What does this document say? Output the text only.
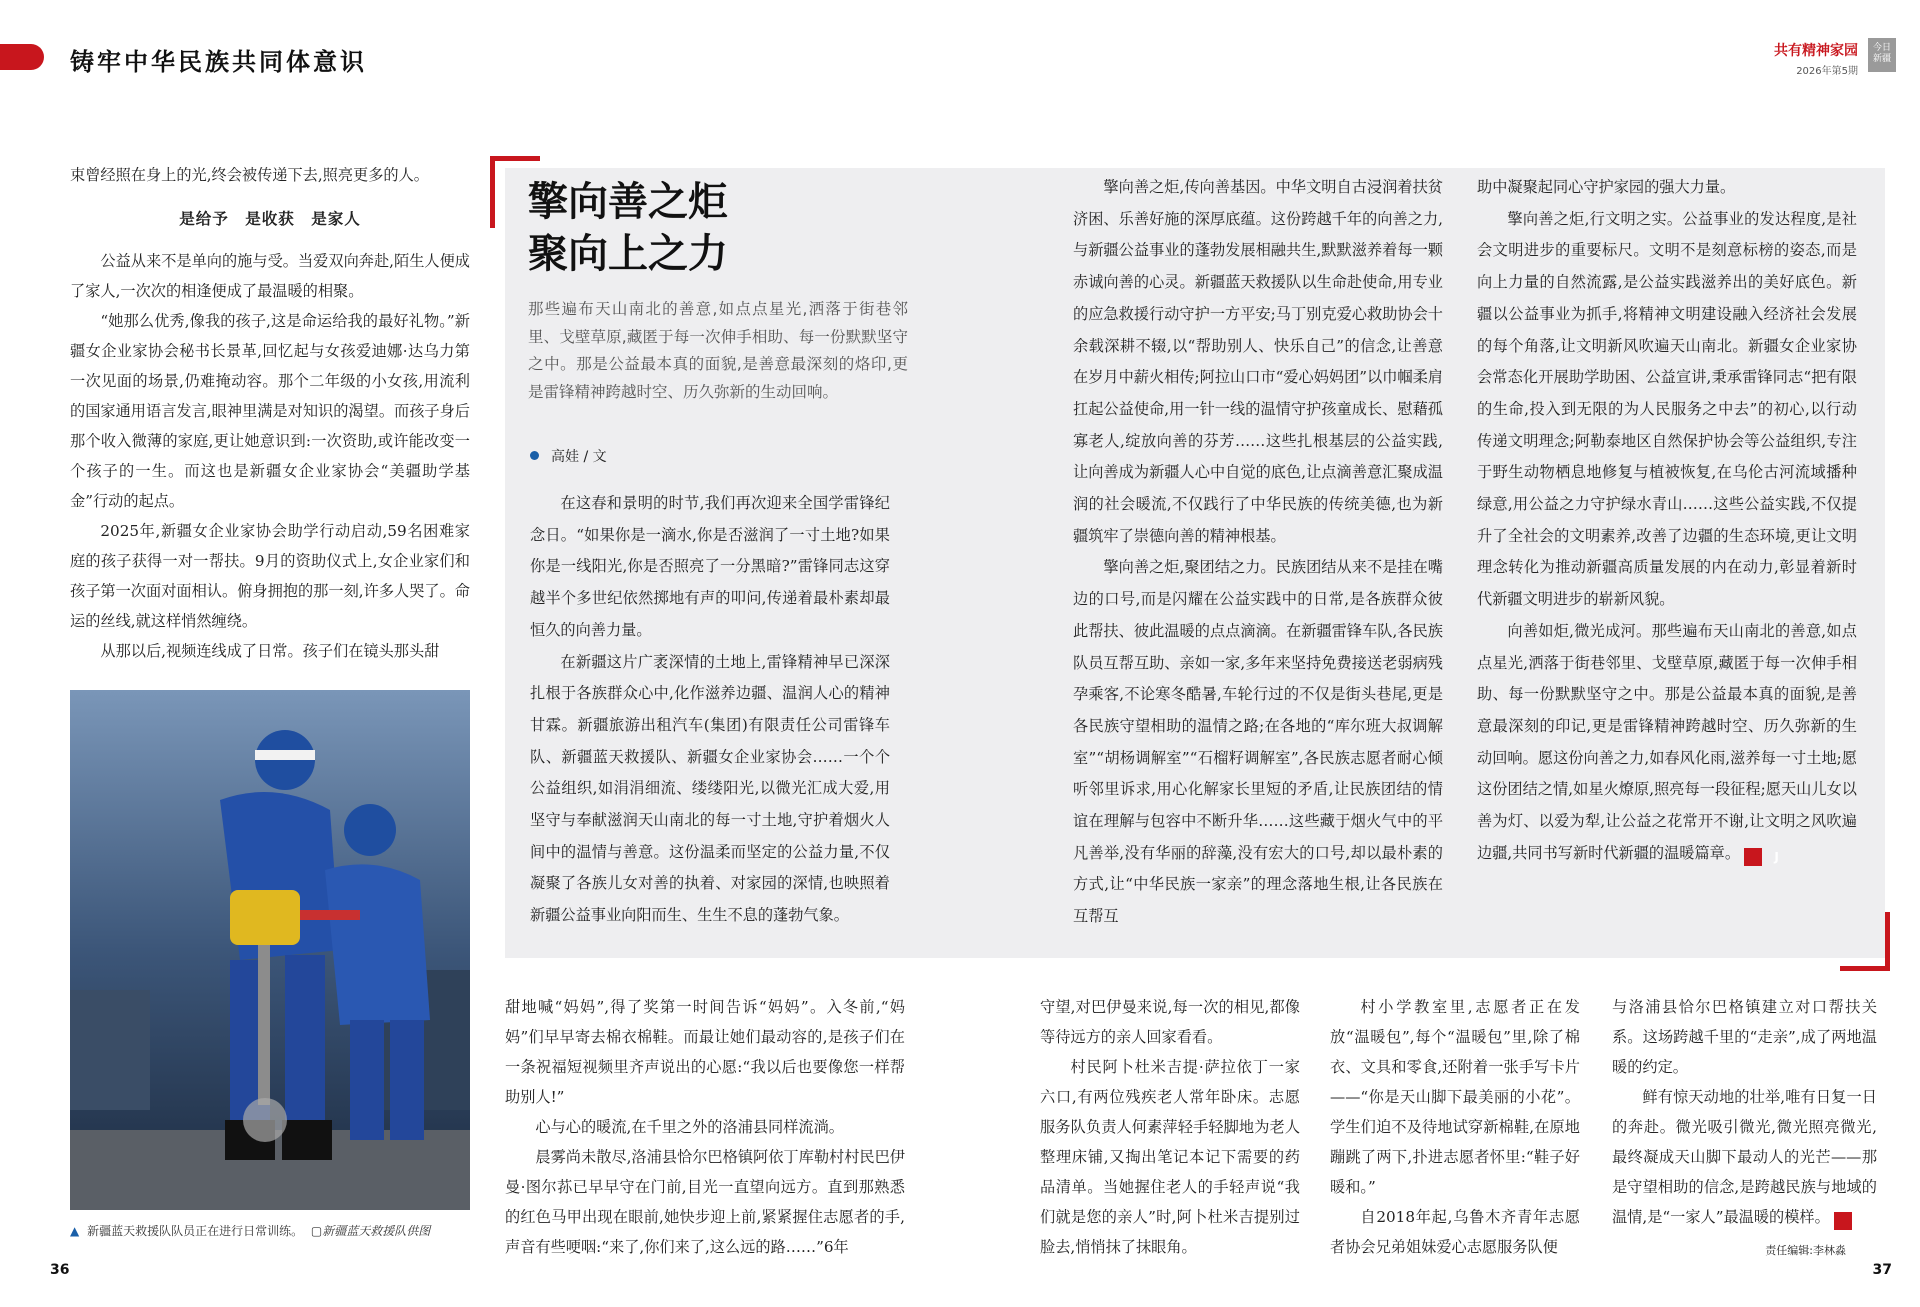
铸牢中华民族共同体意识	共有精神家园
2026年第5期
今日
新疆

束曾经照在身上的光,终会被传递下去,照亮更多的人。

是给予　是收获　是家人

公益从来不是单向的施与受。当爱双向奔赴,陌生人便成了家人,一次次的相逢便成了最温暖的相聚。

“她那么优秀,像我的孩子,这是命运给我的最好礼物。”新疆女企业家协会秘书长景革,回忆起与女孩爱迪娜·达乌力第一次见面的场景,仍难掩动容。那个二年级的小女孩,用流利的国家通用语言发言,眼神里满是对知识的渴望。而孩子身后那个收入微薄的家庭,更让她意识到:一次资助,或许能改变一个孩子的一生。而这也是新疆女企业家协会“美疆助学基金”行动的起点。

2025年,新疆女企业家协会助学行动启动,59名困难家庭的孩子获得一对一帮扶。9月的资助仪式上,女企业家们和孩子第一次面对面相认。俯身拥抱的那一刻,许多人哭了。命运的丝线,就这样悄然缠绕。

从那以后,视频连线成了日常。孩子们在镜头那头甜

▲ 新疆蓝天救援队队员正在进行日常训练。 ▢新疆蓝天救援队供图
擎向善之炬
聚向上之力
那些遍布天山南北的善意,如点点星光,洒落于街巷邻里、戈壁草原,藏匿于每一次伸手相助、每一份默默坚守之中。那是公益最本真的面貌,是善意最深刻的烙印,更是雷锋精神跨越时空、历久弥新的生动回响。
高娃 / 文

在这春和景明的时节,我们再次迎来全国学雷锋纪念日。“如果你是一滴水,你是否滋润了一寸土地?如果你是一线阳光,你是否照亮了一分黑暗?”雷锋同志这穿越半个多世纪依然掷地有声的叩问,传递着最朴素却最恒久的向善力量。

在新疆这片广袤深情的土地上,雷锋精神早已深深扎根于各族群众心中,化作滋养边疆、温润人心的精神甘霖。新疆旅游出租汽车(集团)有限责任公司雷锋车队、新疆蓝天救援队、新疆女企业家协会……一个个公益组织,如涓涓细流、缕缕阳光,以微光汇成大爱,用坚守与奉献滋润天山南北的每一寸土地,守护着烟火人间中的温情与善意。这份温柔而坚定的公益力量,不仅凝聚了各族儿女对善的执着、对家园的深情,也映照着新疆公益事业向阳而生、生生不息的蓬勃气象。

擎向善之炬,传向善基因。中华文明自古浸润着扶贫济困、乐善好施的深厚底蕴。这份跨越千年的向善之力,与新疆公益事业的蓬勃发展相融共生,默默滋养着每一颗赤诚向善的心灵。新疆蓝天救援队以生命赴使命,用专业的应急救援行动守护一方平安;马丁别克爱心救助协会十余载深耕不辍,以“帮助别人、快乐自己”的信念,让善意在岁月中薪火相传;阿拉山口市“爱心妈妈团”以巾帼柔肩扛起公益使命,用一针一线的温情守护孩童成长、慰藉孤寡老人,绽放向善的芬芳……这些扎根基层的公益实践,让向善成为新疆人心中自觉的底色,让点滴善意汇聚成温润的社会暖流,不仅践行了中华民族的传统美德,也为新疆筑牢了崇德向善的精神根基。

擎向善之炬,聚团结之力。民族团结从来不是挂在嘴边的口号,而是闪耀在公益实践中的日常,是各族群众彼此帮扶、彼此温暖的点点滴滴。在新疆雷锋车队,各民族队员互帮互助、亲如一家,多年来坚持免费接送老弱病残孕乘客,不论寒冬酷暑,车轮行过的不仅是街头巷尾,更是各民族守望相助的温情之路;在各地的“库尔班大叔调解室”“胡杨调解室”“石榴籽调解室”,各民族志愿者耐心倾听邻里诉求,用心化解家长里短的矛盾,让民族团结的情谊在理解与包容中不断升华……这些藏于烟火气中的平凡善举,没有华丽的辞藻,没有宏大的口号,却以最朴素的方式,让“中华民族一家亲”的理念落地生根,让各民族在互帮互

助中凝聚起同心守护家园的强大力量。

擎向善之炬,行文明之实。公益事业的发达程度,是社会文明进步的重要标尺。文明不是刻意标榜的姿态,而是向上力量的自然流露,是公益实践滋养出的美好底色。新疆以公益事业为抓手,将精神文明建设融入经济社会发展的每个角落,让文明新风吹遍天山南北。新疆女企业家协会常态化开展助学助困、公益宣讲,秉承雷锋同志“把有限的生命,投入到无限的为人民服务之中去”的初心,以行动传递文明理念;阿勒泰地区自然保护协会等公益组织,专注于野生动物栖息地修复与植被恢复,在乌伦古河流域播种绿意,用公益之力守护绿水青山……这些公益实践,不仅提升了全社会的文明素养,改善了边疆的生态环境,更让文明理念转化为推动新疆高质量发展的内在动力,彰显着新时代新疆文明进步的崭新风貌。

向善如炬,微光成河。那些遍布天山南北的善意,如点点星光,洒落于街巷邻里、戈壁草原,藏匿于每一次伸手相助、每一份默默坚守之中。那是公益最本真的面貌,是善意最深刻的印记,更是雷锋精神跨越时空、历久弥新的生动回响。愿这份向善之力,如春风化雨,滋养每一寸土地;愿这份团结之情,如星火燎原,照亮每一段征程;愿天山儿女以善为灯、以爱为犁,让公益之花常开不谢,让文明之风吹遍边疆,共同书写新时代新疆的温暖篇章。	J

甜地喊“妈妈”,得了奖第一时间告诉“妈妈”。入冬前,“妈妈”们早早寄去棉衣棉鞋。而最让她们最动容的,是孩子们在一条祝福短视频里齐声说出的心愿:“我以后也要像您一样帮助别人!”

心与心的暖流,在千里之外的洛浦县同样流淌。

晨雾尚未散尽,洛浦县恰尔巴格镇阿依丁库勒村村民巴伊曼·图尔荪已早早守在门前,目光一直望向远方。直到那熟悉的红色马甲出现在眼前,她快步迎上前,紧紧握住志愿者的手,声音有些哽咽:“来了,你们来了,这么远的路……”6年

守望,对巴伊曼来说,每一次的相见,都像等待远方的亲人回家看看。

村民阿卜杜米吉提·萨拉依丁一家六口,有两位残疾老人常年卧床。志愿服务队负责人何素萍轻手轻脚地为老人整理床铺,又掏出笔记本记下需要的药品清单。当她握住老人的手轻声说“我们就是您的亲人”时,阿卜杜米吉提别过脸去,悄悄抹了抹眼角。

村小学教室里,志愿者正在发放“温暖包”,每个“温暖包”里,除了棉衣、文具和零食,还附着一张手写卡片——“你是天山脚下最美丽的小花”。学生们迫不及待地试穿新棉鞋,在原地蹦跳了两下,扑进志愿者怀里:“鞋子好暖和。”

自2018年起,乌鲁木齐青年志愿者协会兄弟姐妹爱心志愿服务队便

与洛浦县恰尔巴格镇建立对口帮扶关系。这场跨越千里的“走亲”,成了两地温暖的约定。

鲜有惊天动地的壮举,唯有日复一日的奔赴。微光吸引微光,微光照亮微光,最终凝成天山脚下最动人的光芒——那是守望相助的信念,是跨越民族与地域的温情,是“一家人”最温暖的模样。	J

36
责任编辑:李林淼
37
